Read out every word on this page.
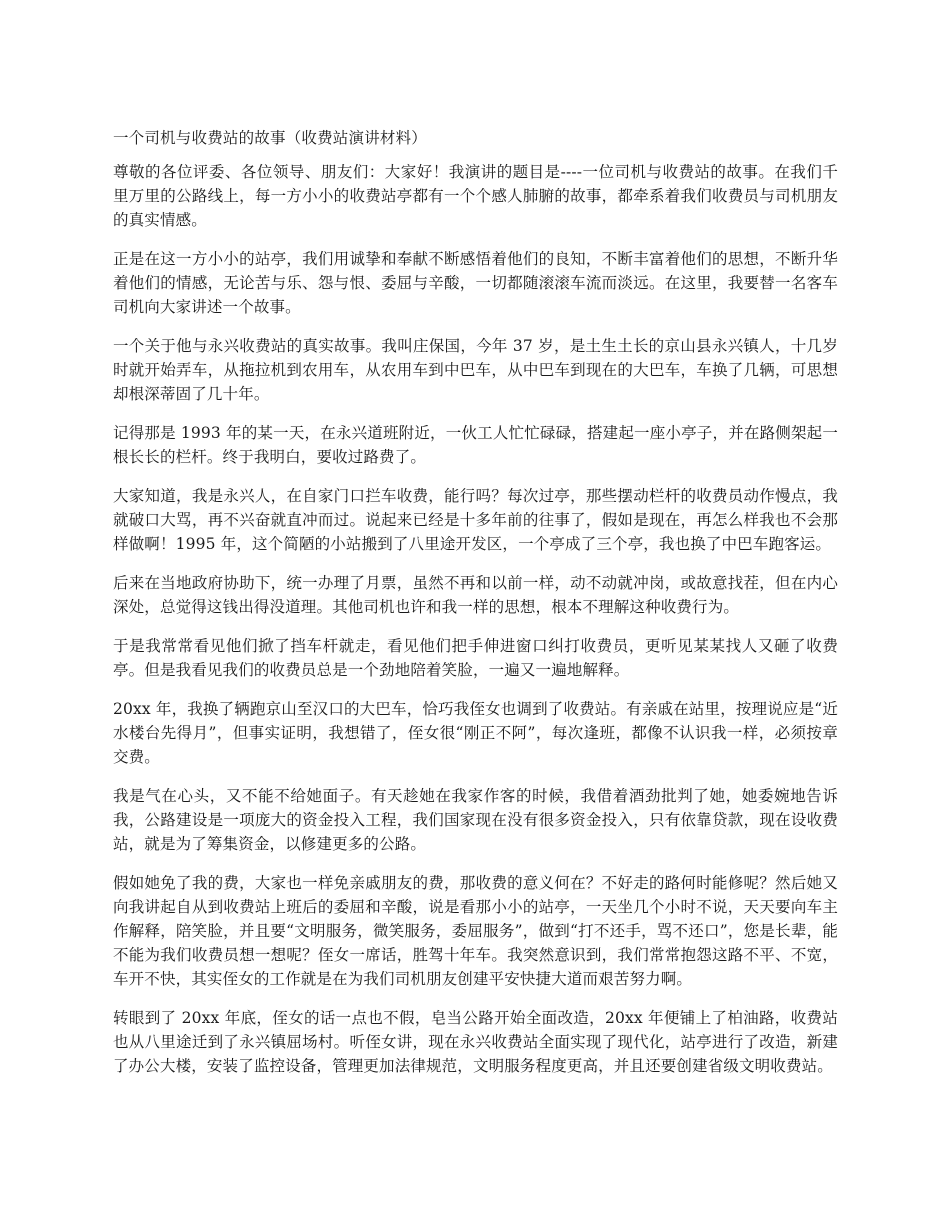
一个司机与收费站的故事（收费站演讲材料）

尊敬的各位评委、各位领导、朋友们：大家好！我演讲的题目是----一位司机与收费站的故事。在我们千里万里的公路线上，每一方小小的收费站亭都有一个个感人肺腑的故事，都牵系着我们收费员与司机朋友的真实情感。

正是在这一方小小的站亭，我们用诚挚和奉献不断感悟着他们的良知，不断丰富着他们的思想，不断升华着他们的情感，无论苦与乐、怨与恨、委屈与辛酸，一切都随滚滚车流而淡远。在这里，我要替一名客车司机向大家讲述一个故事。

一个关于他与永兴收费站的真实故事。我叫庄保国，今年 37 岁，是土生土长的京山县永兴镇人，十几岁时就开始弄车，从拖拉机到农用车，从农用车到中巴车，从中巴车到现在的大巴车，车换了几辆，可思想却根深蒂固了几十年。

记得那是 1993 年的某一天，在永兴道班附近，一伙工人忙忙碌碌，搭建起一座小亭子，并在路侧架起一根长长的栏杆。终于我明白，要收过路费了。

大家知道，我是永兴人，在自家门口拦车收费，能行吗？每次过亭，那些摆动栏杆的收费员动作慢点，我就破口大骂，再不兴奋就直冲而过。说起来已经是十多年前的往事了，假如是现在，再怎么样我也不会那样做啊！1995 年，这个简陋的小站搬到了八里途开发区，一个亭成了三个亭，我也换了中巴车跑客运。

后来在当地政府协助下，统一办理了月票，虽然不再和以前一样，动不动就冲岗，或故意找茬，但在内心深处，总觉得这钱出得没道理。其他司机也许和我一样的思想，根本不理解这种收费行为。

于是我常常看见他们掀了挡车杆就走，看见他们把手伸进窗口纠打收费员，更听见某某找人又砸了收费亭。但是我看见我们的收费员总是一个劲地陪着笑脸，一遍又一遍地解释。

20xx 年，我换了辆跑京山至汉口的大巴车，恰巧我侄女也调到了收费站。有亲戚在站里，按理说应是“近水楼台先得月”，但事实证明，我想错了，侄女很“刚正不阿”，每次逢班，都像不认识我一样，必须按章交费。

我是气在心头，又不能不给她面子。有天趁她在我家作客的时候，我借着酒劲批判了她，她委婉地告诉我，公路建设是一项庞大的资金投入工程，我们国家现在没有很多资金投入，只有依靠贷款，现在设收费站，就是为了筹集资金，以修建更多的公路。

假如她免了我的费，大家也一样免亲戚朋友的费，那收费的意义何在？不好走的路何时能修呢？然后她又向我讲起自从到收费站上班后的委屈和辛酸，说是看那小小的站亭，一天坐几个小时不说，天天要向车主作解释，陪笑脸，并且要“文明服务，微笑服务，委屈服务”，做到“打不还手，骂不还口”，您是长辈，能不能为我们收费员想一想呢？侄女一席话，胜驾十年车。我突然意识到，我们常常抱怨这路不平、不宽，车开不快，其实侄女的工作就是在为我们司机朋友创建平安快捷大道而艰苦努力啊。

转眼到了 20xx 年底，侄女的话一点也不假，皂当公路开始全面改造，20xx 年便铺上了柏油路，收费站也从八里途迁到了永兴镇屈场村。听侄女讲，现在永兴收费站全面实现了现代化，站亭进行了改造，新建了办公大楼，安装了监控设备，管理更加法律规范，文明服务程度更高，并且还要创建省级文明收费站。
